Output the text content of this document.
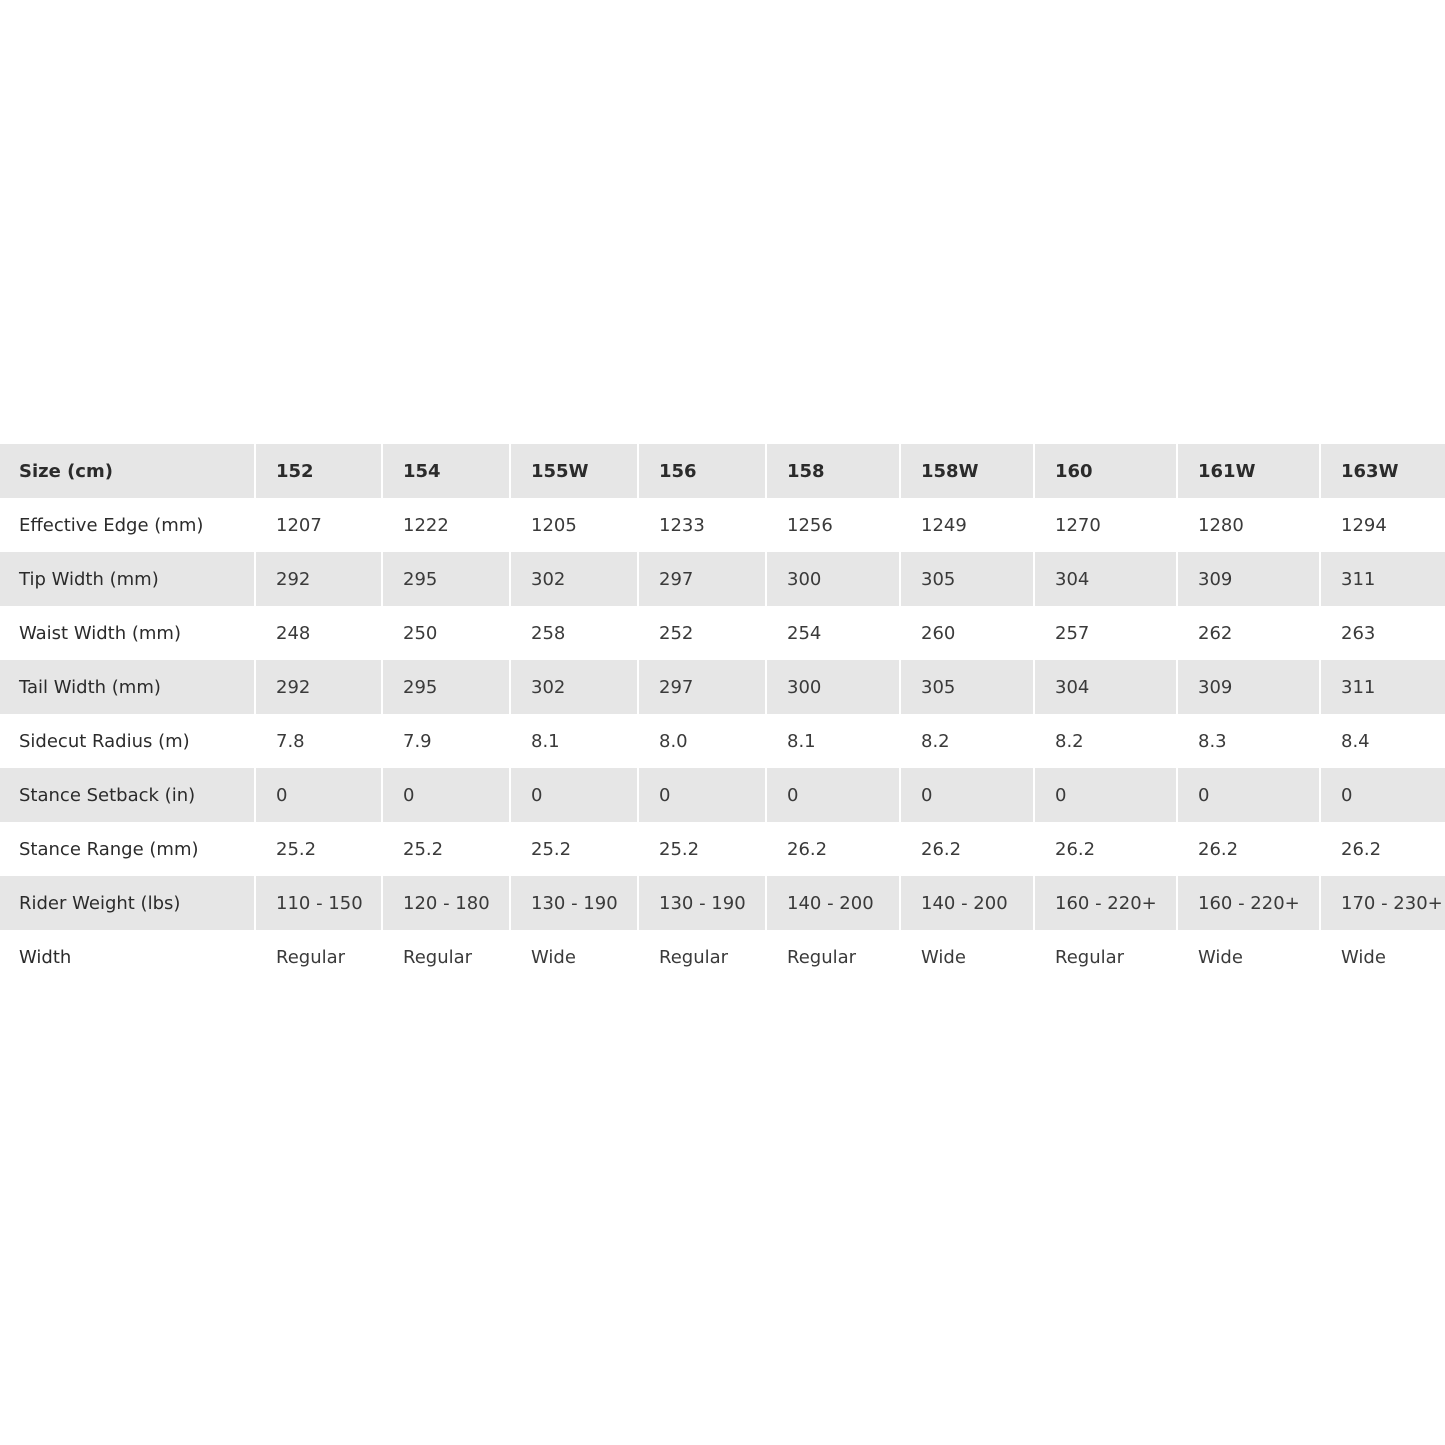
Size (cm)	152	154	155W	156	158	158W	160	161W	163W
Effective Edge (mm)	1207	1222	1205	1233	1256	1249	1270	1280	1294
Tip Width (mm)	292	295	302	297	300	305	304	309	311
Waist Width (mm)	248	250	258	252	254	260	257	262	263
Tail Width (mm)	292	295	302	297	300	305	304	309	311
Sidecut Radius (m)	7.8	7.9	8.1	8.0	8.1	8.2	8.2	8.3	8.4
Stance Setback (in)	0	0	0	0	0	0	0	0	0
Stance Range (mm)	25.2	25.2	25.2	25.2	26.2	26.2	26.2	26.2	26.2
Rider Weight (lbs)	110 - 150	120 - 180	130 - 190	130 - 190	140 - 200	140 - 200	160 - 220+	160 - 220+	170 - 230+
Width	Regular	Regular	Wide	Regular	Regular	Wide	Regular	Wide	Wide
